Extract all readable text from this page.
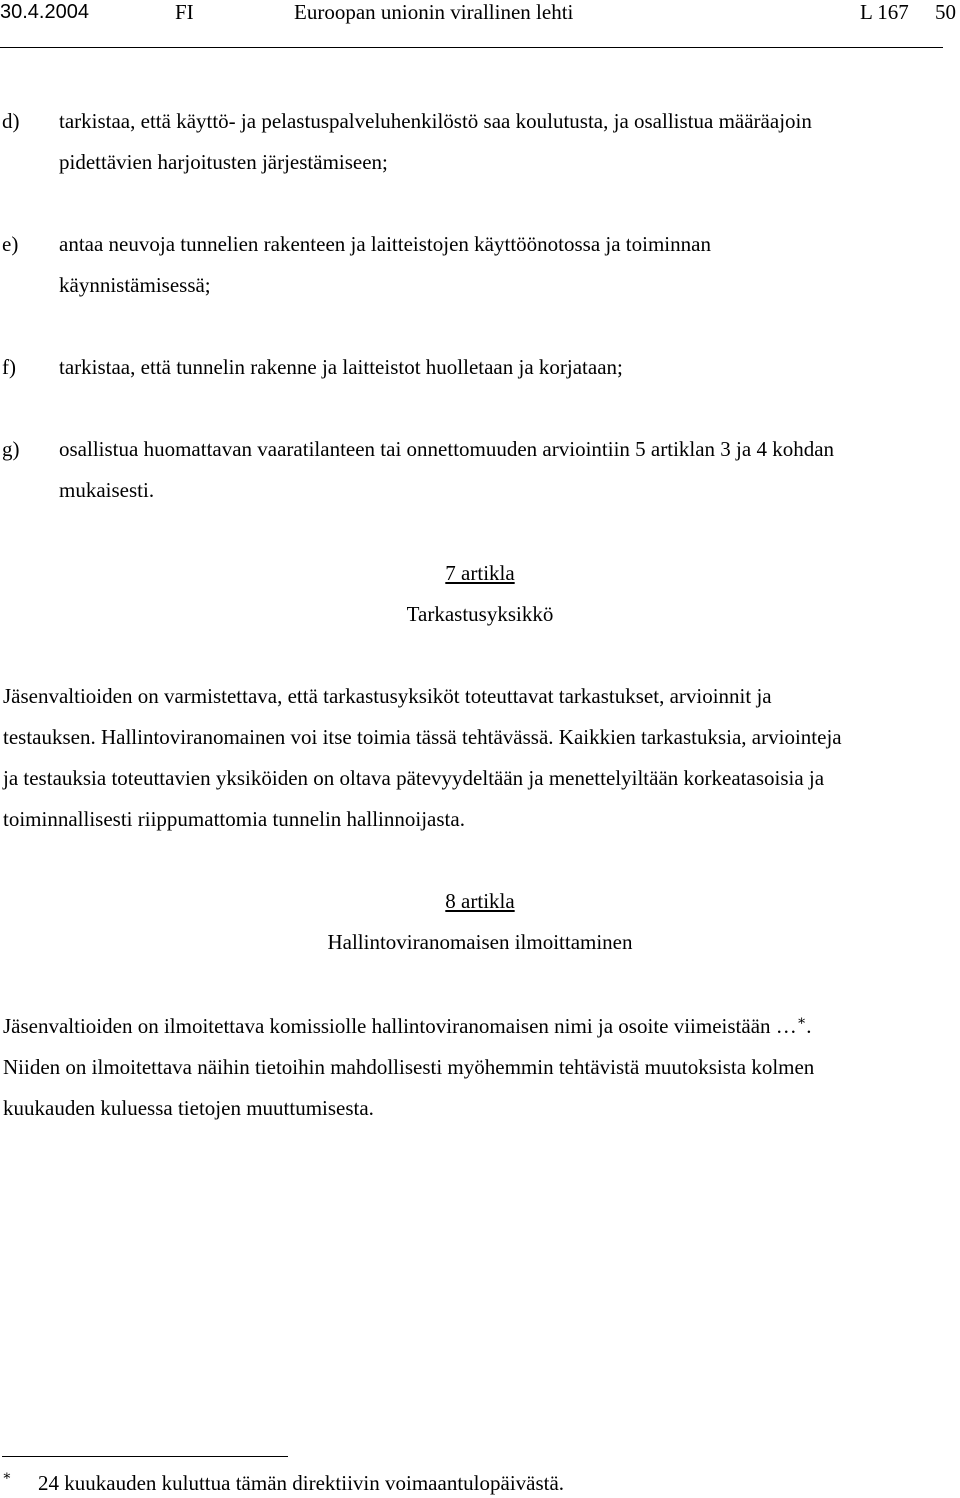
30.4.2004	FI	Euroopan unionin virallinen lehti	L 167 50
d) tarkistaa, että käyttö- ja pelastuspalveluhenkilöstö saa koulutusta, ja osallistua määräajoin
pidettävien harjoitusten järjestämiseen;
e) antaa neuvoja tunnelien rakenteen ja laitteistojen käyttöönotossa ja toiminnan
käynnistämisessä;
f) tarkistaa, että tunnelin rakenne ja laitteistot huolletaan ja korjataan;
g) osallistua huomattavan vaaratilanteen tai onnettomuuden arviointiin 5 artiklan 3 ja 4 kohdan
mukaisesti.
7 artikla
Tarkastusyksikkö
Jäsenvaltioiden on varmistettava, että tarkastusyksiköt toteuttavat tarkastukset, arvioinnit ja
testauksen. Hallintoviranomainen voi itse toimia tässä tehtävässä. Kaikkien tarkastuksia, arviointeja
ja testauksia toteuttavien yksiköiden on oltava pätevyydeltään ja menettelyiltään korkeatasoisia ja
toiminnallisesti riippumattomia tunnelin hallinnoijasta.
8 artikla
Hallintoviranomaisen ilmoittaminen
Jäsenvaltioiden on ilmoitettava komissiolle hallintoviranomaisen nimi ja osoite viimeistään …∗.
Niiden on ilmoitettava näihin tietoihin mahdollisesti myöhemmin tehtävistä muutoksista kolmen
kuukauden kuluessa tietojen muuttumisesta.
∗ 24 kuukauden kuluttua tämän direktiivin voimaantulopäivästä.
